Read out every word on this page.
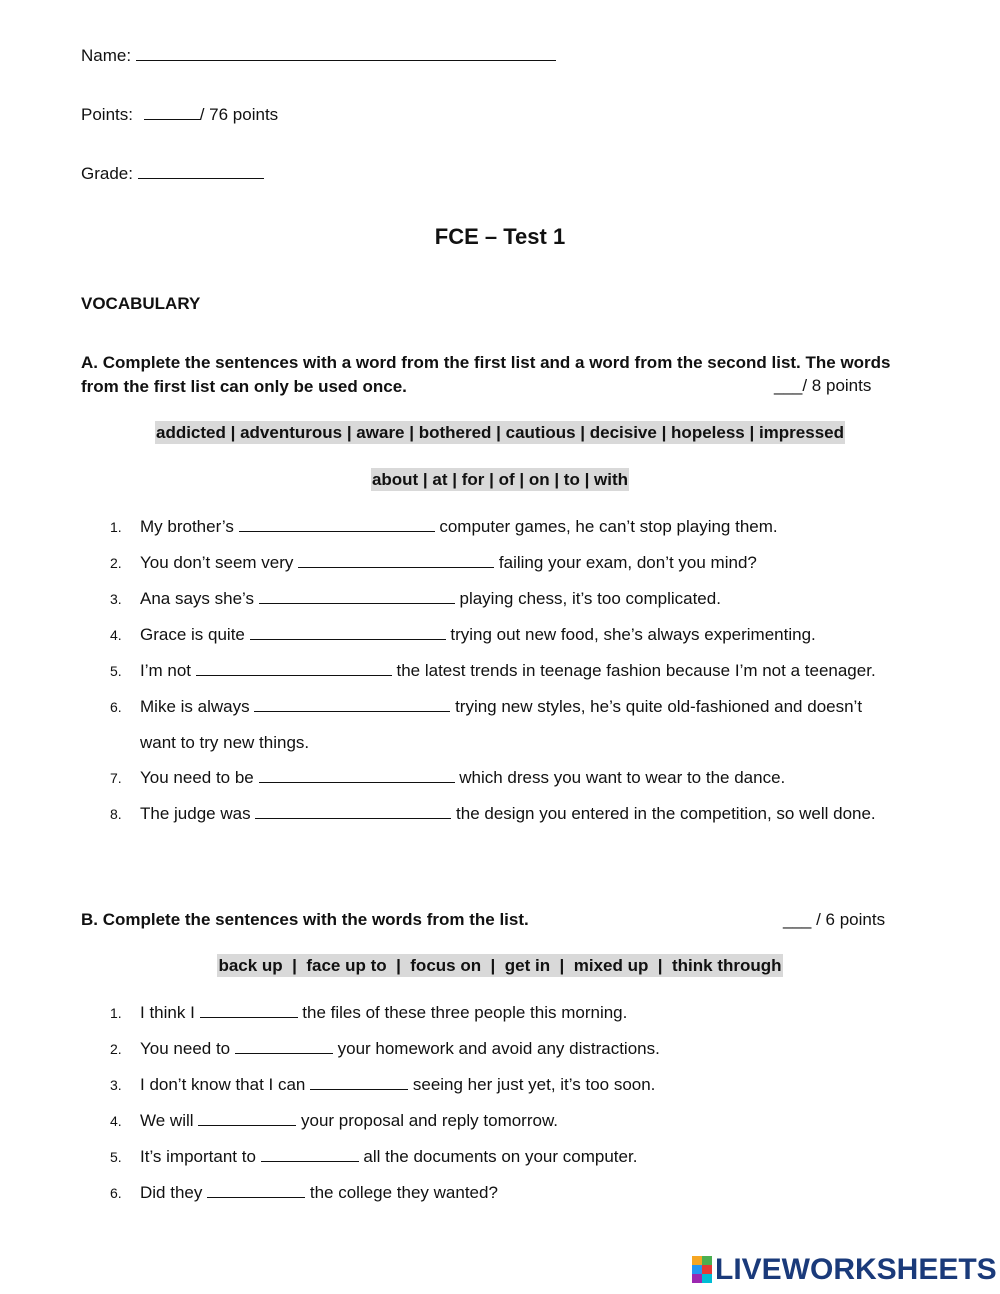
Name:
Points:	/ 76 points
Grade:
FCE – Test 1
VOCABULARY
A. Complete the sentences with a word from the first list and a word from the second list. The words
from the first list can only be used once.	___/ 8 points
addicted | adventurous | aware | bothered | cautious | decisive | hopeless | impressed
about | at | for | of | on | to | with
1. My brother’s	computer games, he can’t stop playing them.
2. You don’t seem very	failing your exam, don’t you mind?
3. Ana says she’s	playing chess, it’s too complicated.
4. Grace is quite	trying out new food, she’s always experimenting.
5. I’m not	the latest trends in teenage fashion because I’m not a teenager.
6. Mike is always	trying new styles, he’s quite old-fashioned and doesn’t
want to try new things.
7. You need to be	which dress you want to wear to the dance.
8. The judge was	the design you entered in the competition, so well done.
B. Complete the sentences with the words from the list.	___ / 6 points
back up  |  face up to  |  focus on  |  get in  |  mixed up  |  think through
1. I think I	the files of these three people this morning.
2. You need to	your homework and avoid any distractions.
3. I don’t know that I can	seeing her just yet, it’s too soon.
4. We will	your proposal and reply tomorrow.
5. It’s important to	all the documents on your computer.
6. Did they	the college they wanted?
LIVEWORKSHEETS
